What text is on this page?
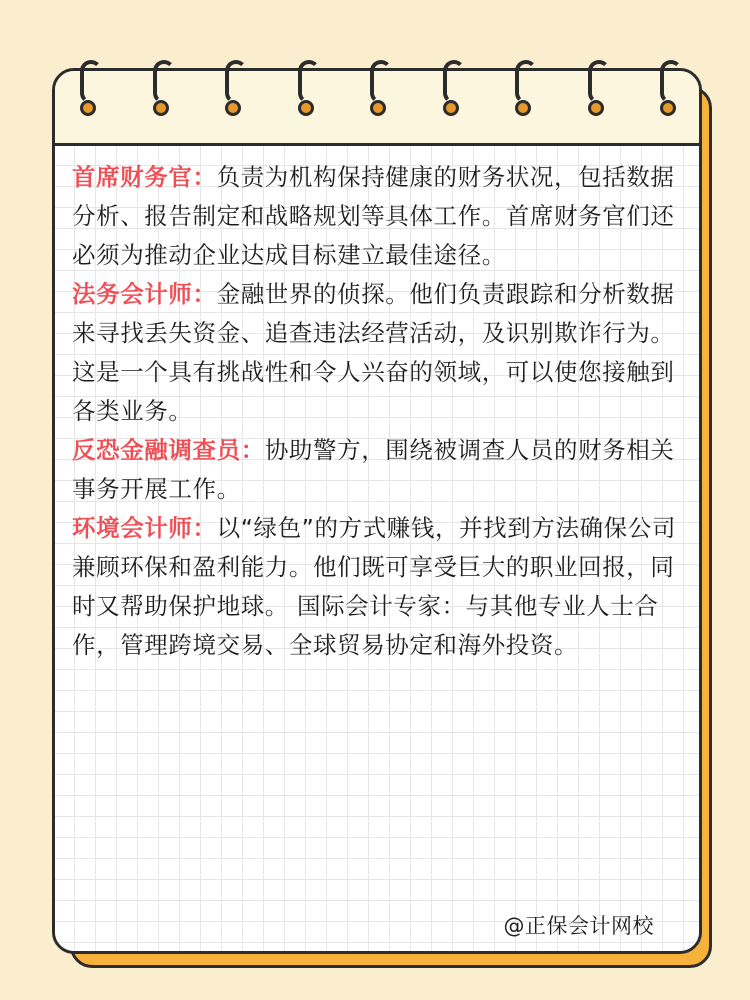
首席财务官：负责为机构保持健康的财务状况，包括数据分析、报告制定和战略规划等具体工作。首席财务官们还必须为推动企业达成目标建立最佳途径。

法务会计师：金融世界的侦探。他们负责跟踪和分析数据来寻找丢失资金、追查违法经营活动，及识别欺诈行为。这是一个具有挑战性和令人兴奋的领域，可以使您接触到各类业务。

反恐金融调查员：协助警方，围绕被调查人员的财务相关事务开展工作。

环境会计师：以“绿色”的方式赚钱，并找到方法确保公司兼顾环保和盈利能力。他们既可享受巨大的职业回报，同时又帮助保护地球。 国际会计专家：与其他专业人士合作，管理跨境交易、全球贸易协定和海外投资。

@正保会计网校
